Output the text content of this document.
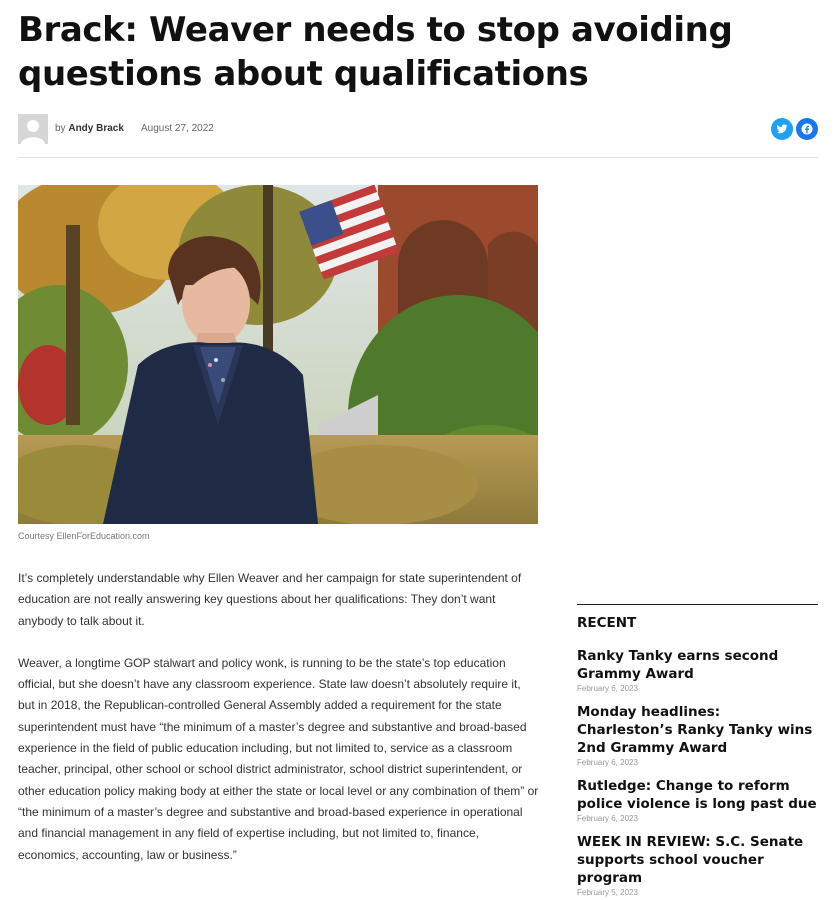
Brack: Weaver needs to stop avoiding questions about qualifications
by Andy Brack August 27, 2022
Courtesy EllenForEducation.com

It’s completely understandable why Ellen Weaver and her campaign for state superintendent of education are not really answering key questions about her qualifications: They don’t want anybody to talk about it.

Weaver, a longtime GOP stalwart and policy wonk, is running to be the state’s top education official, but she doesn’t have any classroom experience. State law doesn’t absolutely require it, but in 2018, the Republican-controlled General Assembly added a requirement for the state superintendent must have “the minimum of a master’s degree and substantive and broad-based experience in the field of public education including, but not limited to, service as a classroom teacher, principal, other school or school district administrator, school district superintendent, or other education policy making body at either the state or local level or any combination of them” or “the minimum of a master’s degree and substantive and broad-based experience in operational and financial management in any field of expertise including, but not limited to, finance, economics, accounting, law or business.”

RECENT
Ranky Tanky earns second Grammy Award
February 6, 2023
Monday headlines: Charleston’s Ranky Tanky wins 2nd Grammy Award
February 6, 2023
Rutledge: Change to reform police violence is long past due
February 6, 2023
WEEK IN REVIEW: S.C. Senate supports school voucher program
February 5, 2023
